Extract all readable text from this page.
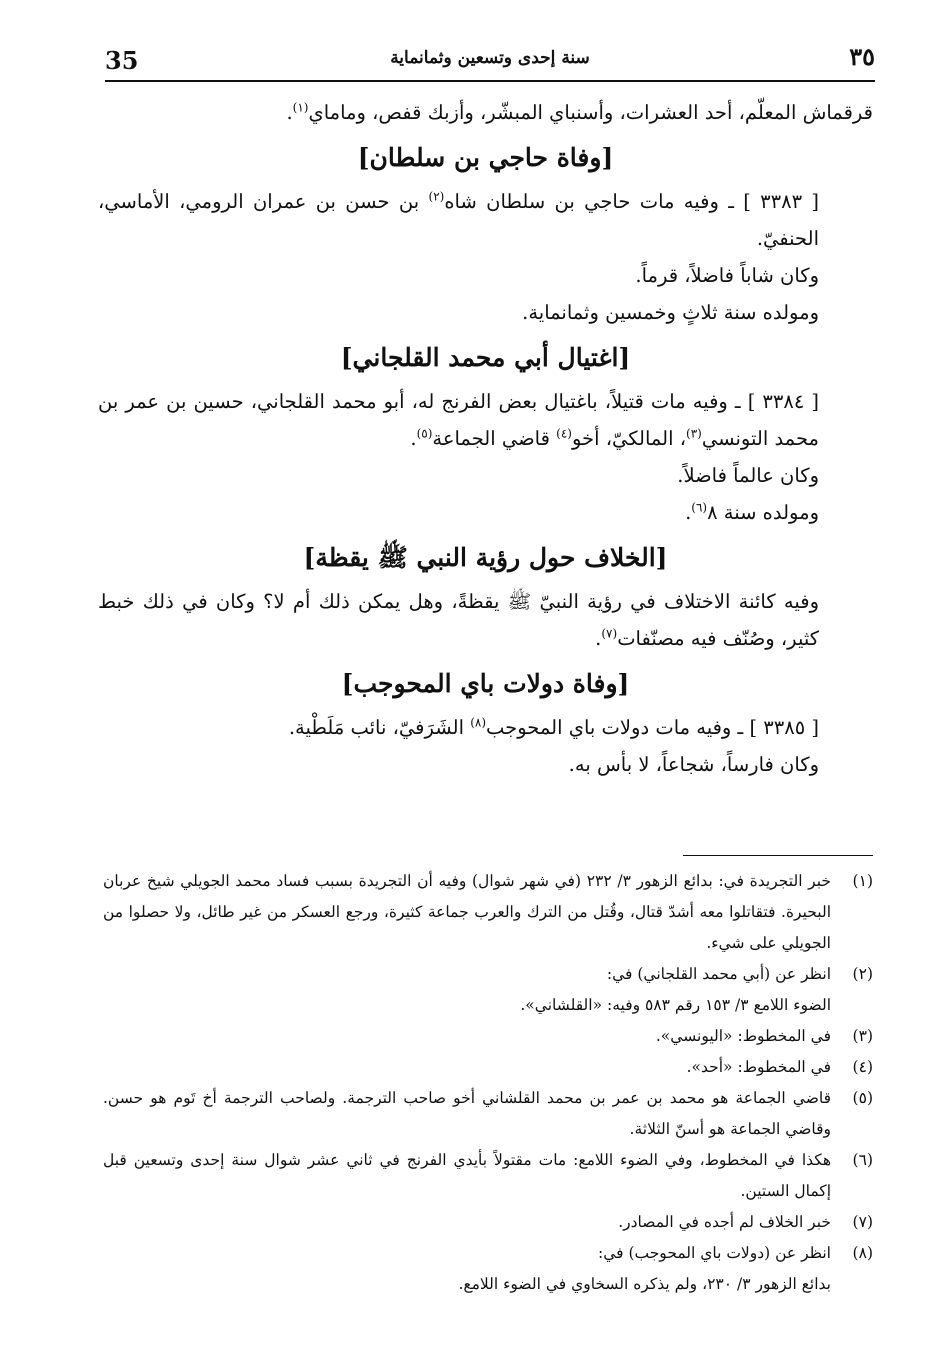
35	سنة إحدى وتسعين وثمانماية	٣٥

قرقماش المعلّم، أحد العشرات، وأسنباي المبشّر، وأزبك قفص، وماماي$^{(١)}$.

[وفاة حاجي بن سلطان]

[ ٣٣٨٣ ] ـ وفيه مات حاجي بن سلطان شاه$^{(٢)}$ بن حسن بن عمران الرومي، الأماسي، الحنفيّ.

وكان شاباً فاضلاً، قرماً.

ومولده سنة ثلاثٍ وخمسين وثمانماية.

[اغتيال أبي محمد القلجاني]

[ ٣٣٨٤ ] ـ وفيه مات قتيلاً، باغتيال بعض الفرنج له، أبو محمد القلجاني، حسين بن عمر بن محمد التونسي$^{(٣)}$، المالكيّ، أخو$^{(٤)}$ قاضي الجماعة$^{(٥)}$.

وكان عالماً فاضلاً.

ومولده سنة ٨$^{(٦)}$.

[الخلاف حول رؤية النبي ﷺ يقظة]

وفيه كائنة الاختلاف في رؤية النبيّ ﷺ يقظةً، وهل يمكن ذلك أم لا؟ وكان في ذلك خبط كثير، وصُنّف فيه مصنّفات$^{(٧)}$.

[وفاة دولات باي المحوجب]

[ ٣٣٨٥ ] ـ وفيه مات دولات باي المحوجب$^{(٨)}$ الشَرَفيّ، نائب مَلَطْية.

وكان فارساً، شجاعاً، لا بأس به.

(١)
خبر التجريدة في: بدائع الزهور ٣/ ٢٣٢ (في شهر شوال) وفيه أن التجريدة بسبب فساد محمد الجويلي شيخ عربان البحيرة. فتقاتلوا معه أشدّ قتال، وقُتل من الترك والعرب جماعة كثيرة، ورجع العسكر من غير طائل، ولا حصلوا من الجويلي على شيء.
(٢)
انظر عن (أبي محمد القلجاني) في:
الضوء اللامع ٣/ ١٥٣ رقم ٥٨٣ وفيه: «القلشاني».
(٣)
في المخطوط: «اليونسي».
(٤)
في المخطوط: «أحد».
(٥)
قاضي الجماعة هو محمد بن عمر بن محمد القلشاني أخو صاحب الترجمة. ولصاحب الترجمة أخ تَوم هو حسن. وقاضي الجماعة هو أسنّ الثلاثة.
(٦)
هكذا في المخطوط، وفي الضوء اللامع: مات مقتولاً بأيدي الفرنج في ثاني عشر شوال سنة إحدى وتسعين قبل إكمال الستين.
(٧)
خبر الخلاف لم أجده في المصادر.
(٨)
انظر عن (دولات باي المحوجب) في:
بدائع الزهور ٣/ ٢٣٠، ولم يذكره السخاوي في الضوء اللامع.
